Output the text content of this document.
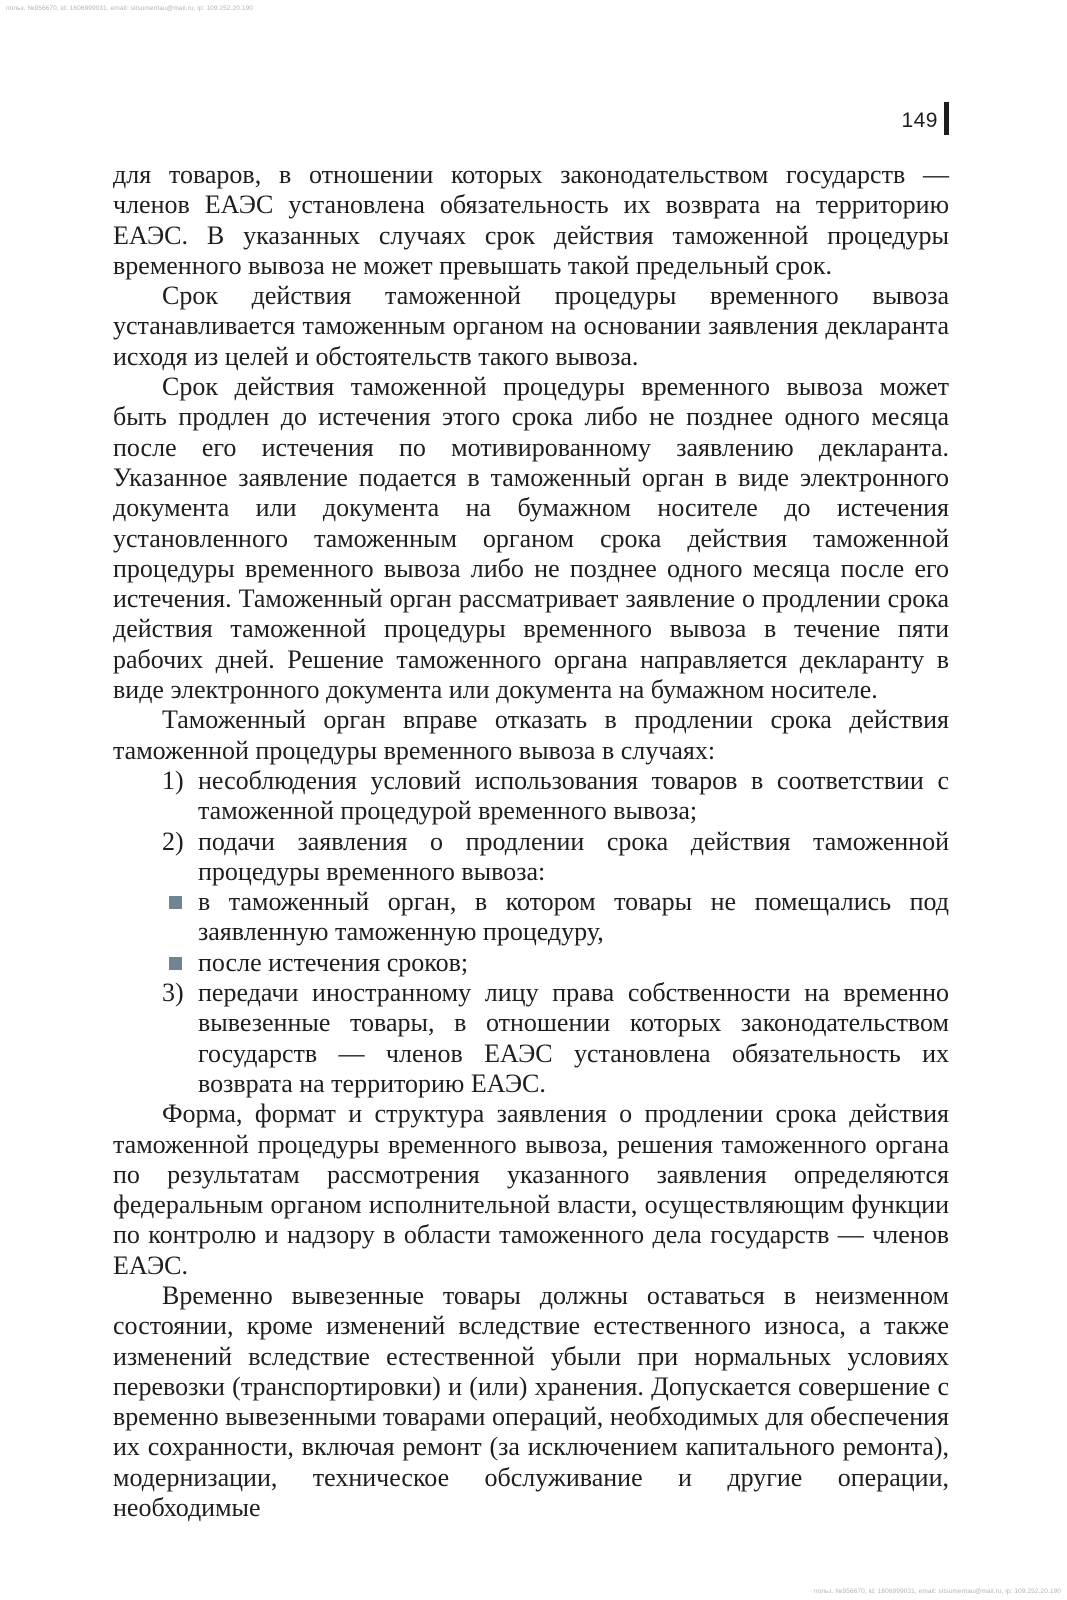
польз. №956670, id: 1606999031, email: sitsumentau@mail.ru, ip: 109.252.20.190
149

для товаров, в отношении которых законодательством государств — членов ЕАЭС установлена обязательность их возврата на территорию ЕАЭС. В указанных случаях срок действия таможенной процедуры временного вывоза не может превышать такой предельный срок.

Срок действия таможенной процедуры временного вывоза устанавливается таможенным органом на основании заявления декларанта исходя из целей и обстоятельств такого вывоза.

Срок действия таможенной процедуры временного вывоза может быть продлен до истечения этого срока либо не позднее одного месяца после его истечения по мотивированному заявлению декларанта. Указанное заявление подается в таможенный орган в виде электронного документа или документа на бумажном носителе до истечения установленного таможенным органом срока действия таможенной процедуры временного вывоза либо не позднее одного месяца после его истечения. Таможенный орган рассматривает заявление о продлении срока действия таможенной процедуры временного вывоза в течение пяти рабочих дней. Решение таможенного органа направляется декларанту в виде электронного документа или документа на бумажном носителе.

Таможенный орган вправе отказать в продлении срока действия таможенной процедуры временного вывоза в случаях:

1) несоблюдения условий использования товаров в соответствии с таможенной процедурой временного вывоза;
2) подачи заявления о продлении срока действия таможенной процедуры временного вывоза:
в таможенный орган, в котором товары не помещались под заявленную таможенную процедуру,
после истечения сроков;
3) передачи иностранному лицу права собственности на временно вывезенные товары, в отношении которых законодательством государств — членов ЕАЭС установлена обязательность их возврата на территорию ЕАЭС.

Форма, формат и структура заявления о продлении срока действия таможенной процедуры временного вывоза, решения таможенного органа по результатам рассмотрения указанного заявления определяются федеральным органом исполнительной власти, осуществляющим функции по контролю и надзору в области таможенного дела государств — членов ЕАЭС.

Временно вывезенные товары должны оставаться в неизменном состоянии, кроме изменений вследствие естественного износа, а также изменений вследствие естественной убыли при нормальных условиях перевозки (транспортировки) и (или) хранения. Допускается совершение с временно вывезенными товарами операций, необходимых для обеспечения их сохранности, включая ремонт (за исключением капитального ремонта), модернизации, техническое обслуживание и другие операции, необходимые

польз. №956670, id: 1606999031, email: sitsumentau@mail.ru, ip: 109.252.20.190
